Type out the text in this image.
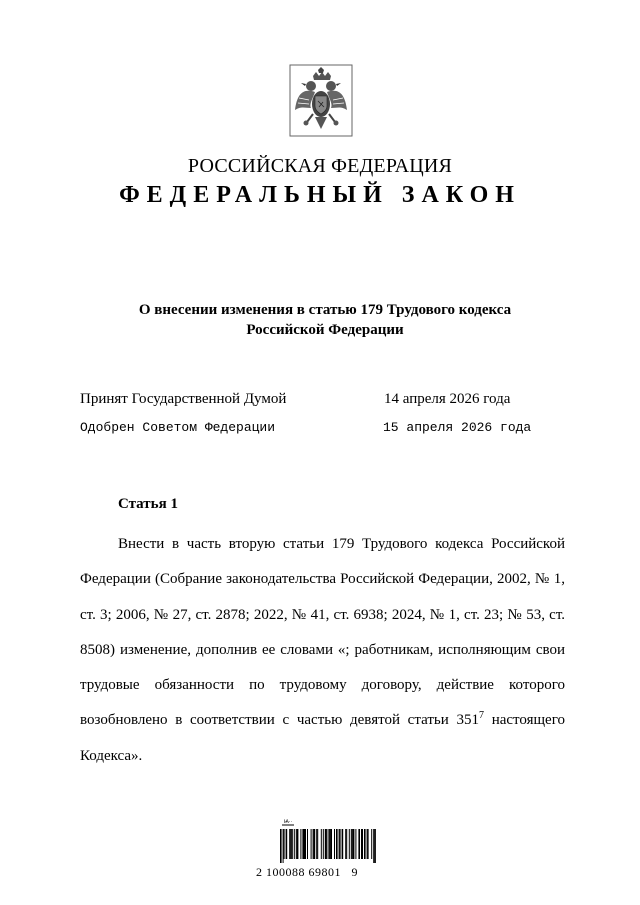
РОССИЙСКАЯ ФЕДЕРАЦИЯ
ФЕДЕРАЛЬНЫЙ ЗАКОН
О внесении изменения в статью 179 Трудового кодекса
Российской Федерации
Принят Государственной Думой	14 апреля 2026 года
Одобрен Советом Федерации	15 апреля 2026 года
Статья 1

Внести в часть вторую статьи 179 Трудового кодекса Российской Федерации (Собрание законодательства Российской Федерации, 2002, № 1, ст. 3; 2006, № 27, ст. 2878; 2022, № 41, ст. 6938; 2024, № 1, ст. 23; № 53, ст. 8508) изменение, дополнив ее словами «; работникам, исполняющим свои трудовые обязанности по трудовому договору, действие которого возобновлено в соответствии с частью девятой статьи $351^7$ настоящего Кодекса».

Ꙗ··
2 100088 69801   9
